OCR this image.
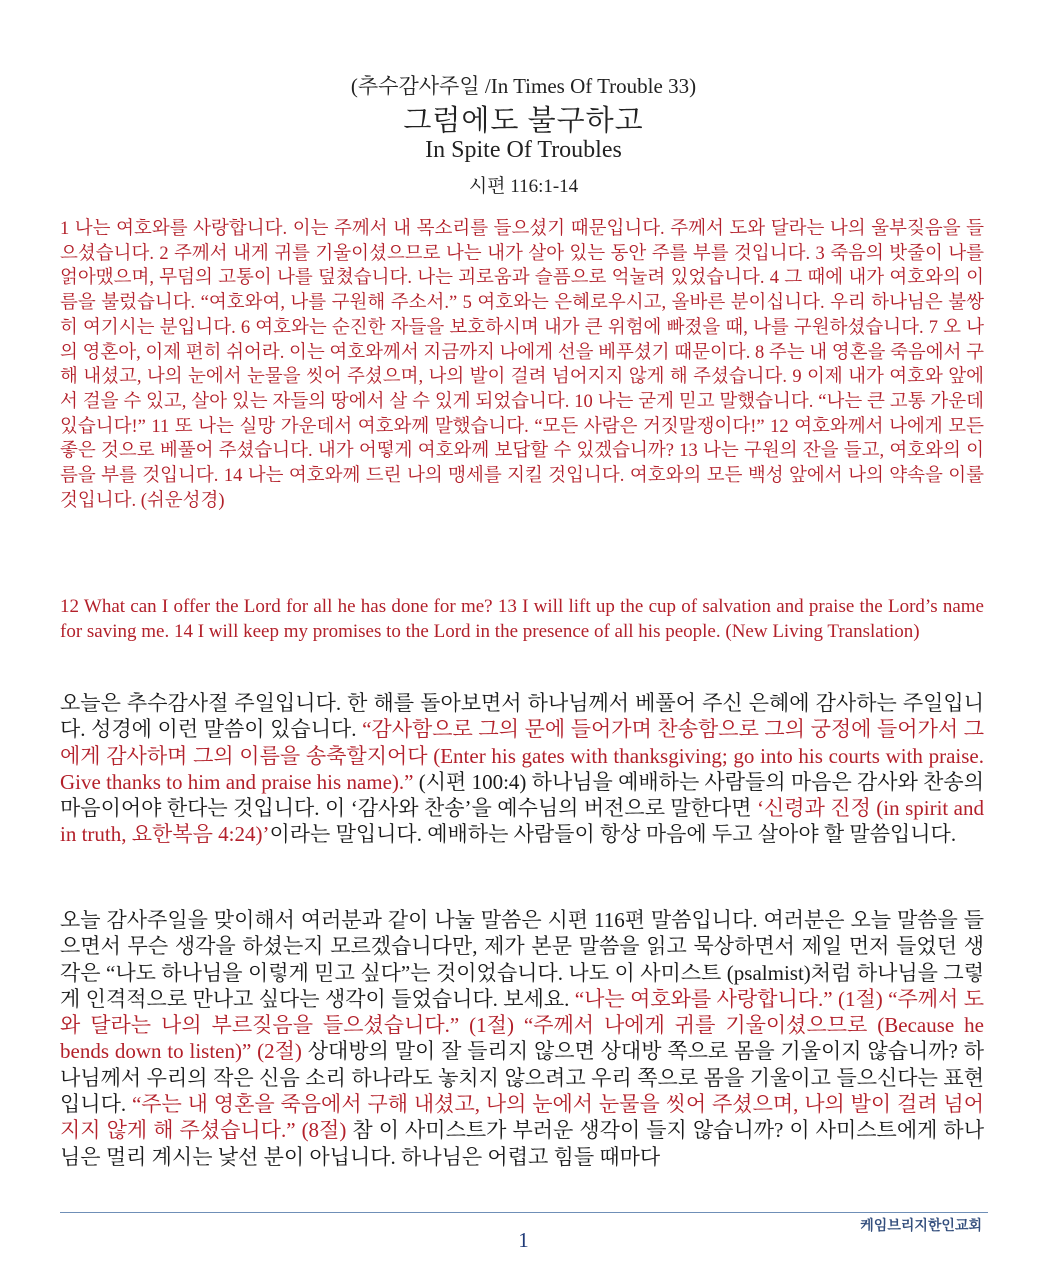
(추수감사주일 /In Times Of Trouble 33)
그럼에도 불구하고
In Spite Of Troubles
시편 116:1-14
1 나는 여호와를 사랑합니다. 이는 주께서 내 목소리를 들으셨기 때문입니다. 주께서 도와 달라는 나의 울부짖음을 들으셨습니다. 2 주께서 내게 귀를 기울이셨으므로 나는 내가 살아 있는 동안 주를 부를 것입니다. 3 죽음의 밧줄이 나를 얽아맸으며, 무덤의 고통이 나를 덮쳤습니다. 나는 괴로움과 슬픔으로 억눌려 있었습니다. 4 그 때에 내가 여호와의 이름을 불렀습니다. “여호와여, 나를 구원해 주소서.” 5 여호와는 은혜로우시고, 올바른 분이십니다. 우리 하나님은 불쌍히 여기시는 분입니다. 6 여호와는 순진한 자들을 보호하시며 내가 큰 위험에 빠졌을 때, 나를 구원하셨습니다. 7 오 나의 영혼아, 이제 편히 쉬어라. 이는 여호와께서 지금까지 나에게 선을 베푸셨기 때문이다. 8 주는 내 영혼을 죽음에서 구해 내셨고, 나의 눈에서 눈물을 씻어 주셨으며, 나의 발이 걸려 넘어지지 않게 해 주셨습니다. 9 이제 내가 여호와 앞에서 걸을 수 있고, 살아 있는 자들의 땅에서 살 수 있게 되었습니다. 10 나는 굳게 믿고 말했습니다. “나는 큰 고통 가운데 있습니다!” 11 또 나는 실망 가운데서 여호와께 말했습니다. “모든 사람은 거짓말쟁이다!” 12 여호와께서 나에게 모든 좋은 것으로 베풀어 주셨습니다. 내가 어떻게 여호와께 보답할 수 있겠습니까? 13 나는 구원의 잔을 들고, 여호와의 이름을 부를 것입니다. 14 나는 여호와께 드린 나의 맹세를 지킬 것입니다. 여호와의 모든 백성 앞에서 나의 약속을 이룰 것입니다. (쉬운성경)
12 What can I offer the Lord for all he has done for me? 13 I will lift up the cup of salvation and praise the Lord’s name for saving me. 14 I will keep my promises to the Lord in the presence of all his people. (New Living Translation)
오늘은 추수감사절 주일입니다. 한 해를 돌아보면서 하나님께서 베풀어 주신 은혜에 감사하는 주일입니다. 성경에 이런 말씀이 있습니다. “감사함으로 그의 문에 들어가며 찬송함으로 그의 궁정에 들어가서 그에게 감사하며 그의 이름을 송축할지어다 (Enter his gates with thanksgiving; go into his courts with praise. Give thanks to him and praise his name).” (시편 100:4) 하나님을 예배하는 사람들의 마음은 감사와 찬송의 마음이어야 한다는 것입니다. 이 ‘감사와 찬송’을 예수님의 버전으로 말한다면 ‘신령과 진정 (in spirit and in truth, 요한복음 4:24)’이라는 말입니다. 예배하는 사람들이 항상 마음에 두고 살아야 할 말씀입니다.
오늘 감사주일을 맞이해서 여러분과 같이 나눌 말씀은 시편 116편 말씀입니다. 여러분은 오늘 말씀을 들으면서 무슨 생각을 하셨는지 모르겠습니다만, 제가 본문 말씀을 읽고 묵상하면서 제일 먼저 들었던 생각은 “나도 하나님을 이렇게 믿고 싶다”는 것이었습니다. 나도 이 사미스트 (psalmist)처럼 하나님을 그렇게 인격적으로 만나고 싶다는 생각이 들었습니다. 보세요. “나는 여호와를 사랑합니다.” (1절) “주께서 도와 달라는 나의 부르짖음을 들으셨습니다.” (1절) “주께서 나에게 귀를 기울이셨으므로 (Because he bends down to listen)” (2절) 상대방의 말이 잘 들리지 않으면 상대방 쪽으로 몸을 기울이지 않습니까? 하나님께서 우리의 작은 신음 소리 하나라도 놓치지 않으려고 우리 쪽으로 몸을 기울이고 들으신다는 표현입니다. “주는 내 영혼을 죽음에서 구해 내셨고, 나의 눈에서 눈물을 씻어 주셨으며, 나의 발이 걸려 넘어지지 않게 해 주셨습니다.” (8절) 참 이 사미스트가 부러운 생각이 들지 않습니까? 이 사미스트에게 하나님은 멀리 계시는 낯선 분이 아닙니다. 하나님은 어렵고 힘들 때마다
케임브리지한인교회
1
